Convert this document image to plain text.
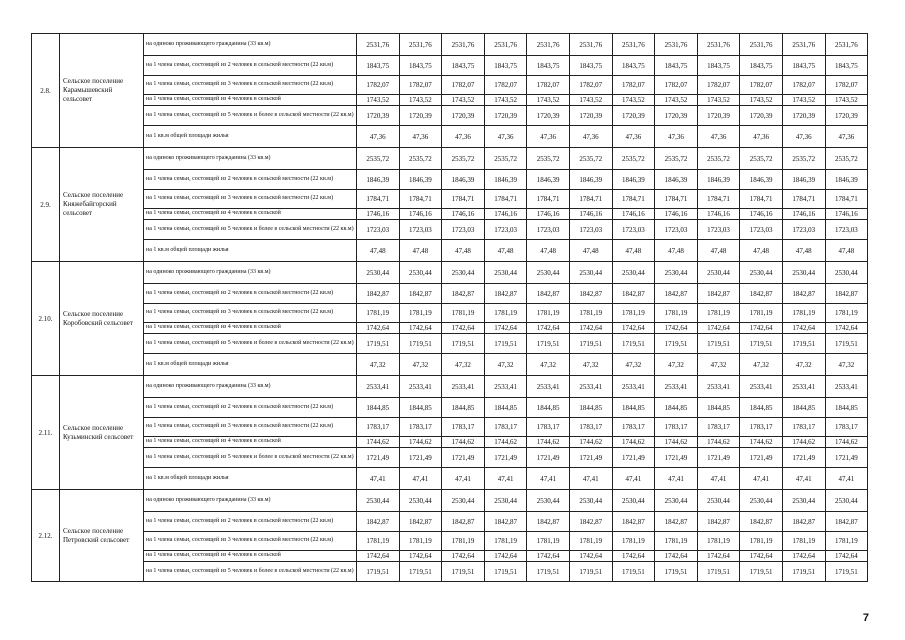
2.8.	Сельское поселение Карамышевский сельсовет	на одиноко проживающего гражданина (33 кв.м)	2531,76	2531,76	2531,76	2531,76	2531,76	2531,76	2531,76	2531,76	2531,76	2531,76	2531,76	2531,76
		на 1 члена семьи, состоящей из 2 человек в сельской местности (22 кв.м)	1843,75	1843,75	1843,75	1843,75	1843,75	1843,75	1843,75	1843,75	1843,75	1843,75	1843,75	1843,75
		на 1 члена семьи, состоящей из 3 человек в сельской местности (22 кв.м)	1782,07	1782,07	1782,07	1782,07	1782,07	1782,07	1782,07	1782,07	1782,07	1782,07	1782,07	1782,07
		на 1 члена семьи, состоящей из 4 человек в сельской	1743,52	1743,52	1743,52	1743,52	1743,52	1743,52	1743,52	1743,52	1743,52	1743,52	1743,52	1743,52
		на 1 члена семьи, состоящей из 5 человек и более в сельской местности (22 кв.м)	1720,39	1720,39	1720,39	1720,39	1720,39	1720,39	1720,39	1720,39	1720,39	1720,39	1720,39	1720,39
		на 1 кв.м общей площади жилья	47,36	47,36	47,36	47,36	47,36	47,36	47,36	47,36	47,36	47,36	47,36	47,36
2.9.	Сельское поселение Княжебайгорский сельсовет	на одиноко проживающего гражданина (33 кв.м)	2535,72	2535,72	2535,72	2535,72	2535,72	2535,72	2535,72	2535,72	2535,72	2535,72	2535,72	2535,72
		на 1 члена семьи, состоящей из 2 человек в сельской местности (22 кв.м)	1846,39	1846,39	1846,39	1846,39	1846,39	1846,39	1846,39	1846,39	1846,39	1846,39	1846,39	1846,39
		на 1 члена семьи, состоящей из 3 человек в сельской местности (22 кв.м)	1784,71	1784,71	1784,71	1784,71	1784,71	1784,71	1784,71	1784,71	1784,71	1784,71	1784,71	1784,71
		на 1 члена семьи, состоящей из 4 человек в сельской	1746,16	1746,16	1746,16	1746,16	1746,16	1746,16	1746,16	1746,16	1746,16	1746,16	1746,16	1746,16
		на 1 члена семьи, состоящей из 5 человек и более в сельской местности (22 кв.м)	1723,03	1723,03	1723,03	1723,03	1723,03	1723,03	1723,03	1723,03	1723,03	1723,03	1723,03	1723,03
		на 1 кв.м общей площади жилья	47,48	47,48	47,48	47,48	47,48	47,48	47,48	47,48	47,48	47,48	47,48	47,48
2.10.	Сельское поселение Коробовский сельсовет	на одиноко проживающего гражданина (33 кв.м)	2530,44	2530,44	2530,44	2530,44	2530,44	2530,44	2530,44	2530,44	2530,44	2530,44	2530,44	2530,44
		на 1 члена семьи, состоящей из 2 человек в сельской местности (22 кв.м)	1842,87	1842,87	1842,87	1842,87	1842,87	1842,87	1842,87	1842,87	1842,87	1842,87	1842,87	1842,87
		на 1 члена семьи, состоящей из 3 человек в сельской местности (22 кв.м)	1781,19	1781,19	1781,19	1781,19	1781,19	1781,19	1781,19	1781,19	1781,19	1781,19	1781,19	1781,19
		на 1 члена семьи, состоящей из 4 человек в сельской	1742,64	1742,64	1742,64	1742,64	1742,64	1742,64	1742,64	1742,64	1742,64	1742,64	1742,64	1742,64
		на 1 члена семьи, состоящей из 5 человек и более в сельской местности (22 кв.м)	1719,51	1719,51	1719,51	1719,51	1719,51	1719,51	1719,51	1719,51	1719,51	1719,51	1719,51	1719,51
		на 1 кв.м общей площади жилья	47,32	47,32	47,32	47,32	47,32	47,32	47,32	47,32	47,32	47,32	47,32	47,32
2.11.	Сельское поселение Кузьминский сельсовет	на одиноко проживающего гражданина (33 кв.м)	2533,41	2533,41	2533,41	2533,41	2533,41	2533,41	2533,41	2533,41	2533,41	2533,41	2533,41	2533,41
		на 1 члена семьи, состоящей из 2 человек в сельской местности (22 кв.м)	1844,85	1844,85	1844,85	1844,85	1844,85	1844,85	1844,85	1844,85	1844,85	1844,85	1844,85	1844,85
		на 1 члена семьи, состоящей из 3 человек в сельской местности (22 кв.м)	1783,17	1783,17	1783,17	1783,17	1783,17	1783,17	1783,17	1783,17	1783,17	1783,17	1783,17	1783,17
		на 1 члена семьи, состоящей из 4 человек в сельской	1744,62	1744,62	1744,62	1744,62	1744,62	1744,62	1744,62	1744,62	1744,62	1744,62	1744,62	1744,62
		на 1 члена семьи, состоящей из 5 человек и более в сельской местности (22 кв.м)	1721,49	1721,49	1721,49	1721,49	1721,49	1721,49	1721,49	1721,49	1721,49	1721,49	1721,49	1721,49
		на 1 кв.м общей площади жилья	47,41	47,41	47,41	47,41	47,41	47,41	47,41	47,41	47,41	47,41	47,41	47,41
2.12.	Сельское поселение Петровский сельсовет	на одиноко проживающего гражданина (33 кв.м)	2530,44	2530,44	2530,44	2530,44	2530,44	2530,44	2530,44	2530,44	2530,44	2530,44	2530,44	2530,44
		на 1 члена семьи, состоящей из 2 человек в сельской местности (22 кв.м)	1842,87	1842,87	1842,87	1842,87	1842,87	1842,87	1842,87	1842,87	1842,87	1842,87	1842,87	1842,87
		на 1 члена семьи, состоящей из 3 человек в сельской местности (22 кв.м)	1781,19	1781,19	1781,19	1781,19	1781,19	1781,19	1781,19	1781,19	1781,19	1781,19	1781,19	1781,19
		на 1 члена семьи, состоящей из 4 человек в сельской	1742,64	1742,64	1742,64	1742,64	1742,64	1742,64	1742,64	1742,64	1742,64	1742,64	1742,64	1742,64
		на 1 члена семьи, состоящей из 5 человек и более в сельской местности (22 кв.м)	1719,51	1719,51	1719,51	1719,51	1719,51	1719,51	1719,51	1719,51	1719,51	1719,51	1719,51	1719,51
7
